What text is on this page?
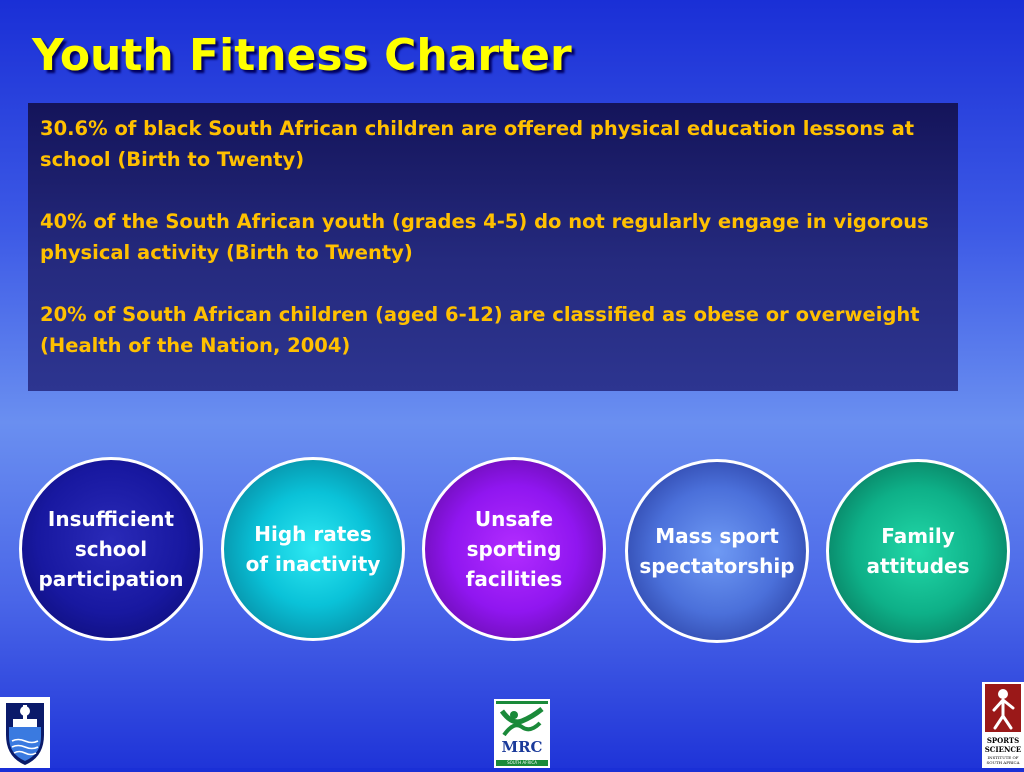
Youth Fitness Charter

30.6% of black South African children are offered physical education lessons at school (Birth to Twenty)

40% of the South African youth (grades 4-5) do not regularly engage in vigorous physical activity (Birth to Twenty)

20% of South African children (aged 6-12) are classified as obese or overweight (Health of the Nation, 2004)

Insufficient
school
participation
High rates
of inactivity
Unsafe
sporting
facilities
Mass sport
spectatorship
Family
attitudes
MRC
SOUTH AFRICA
SPORTS
SCIENCE
INSTITUTE OF
SOUTH AFRICA
